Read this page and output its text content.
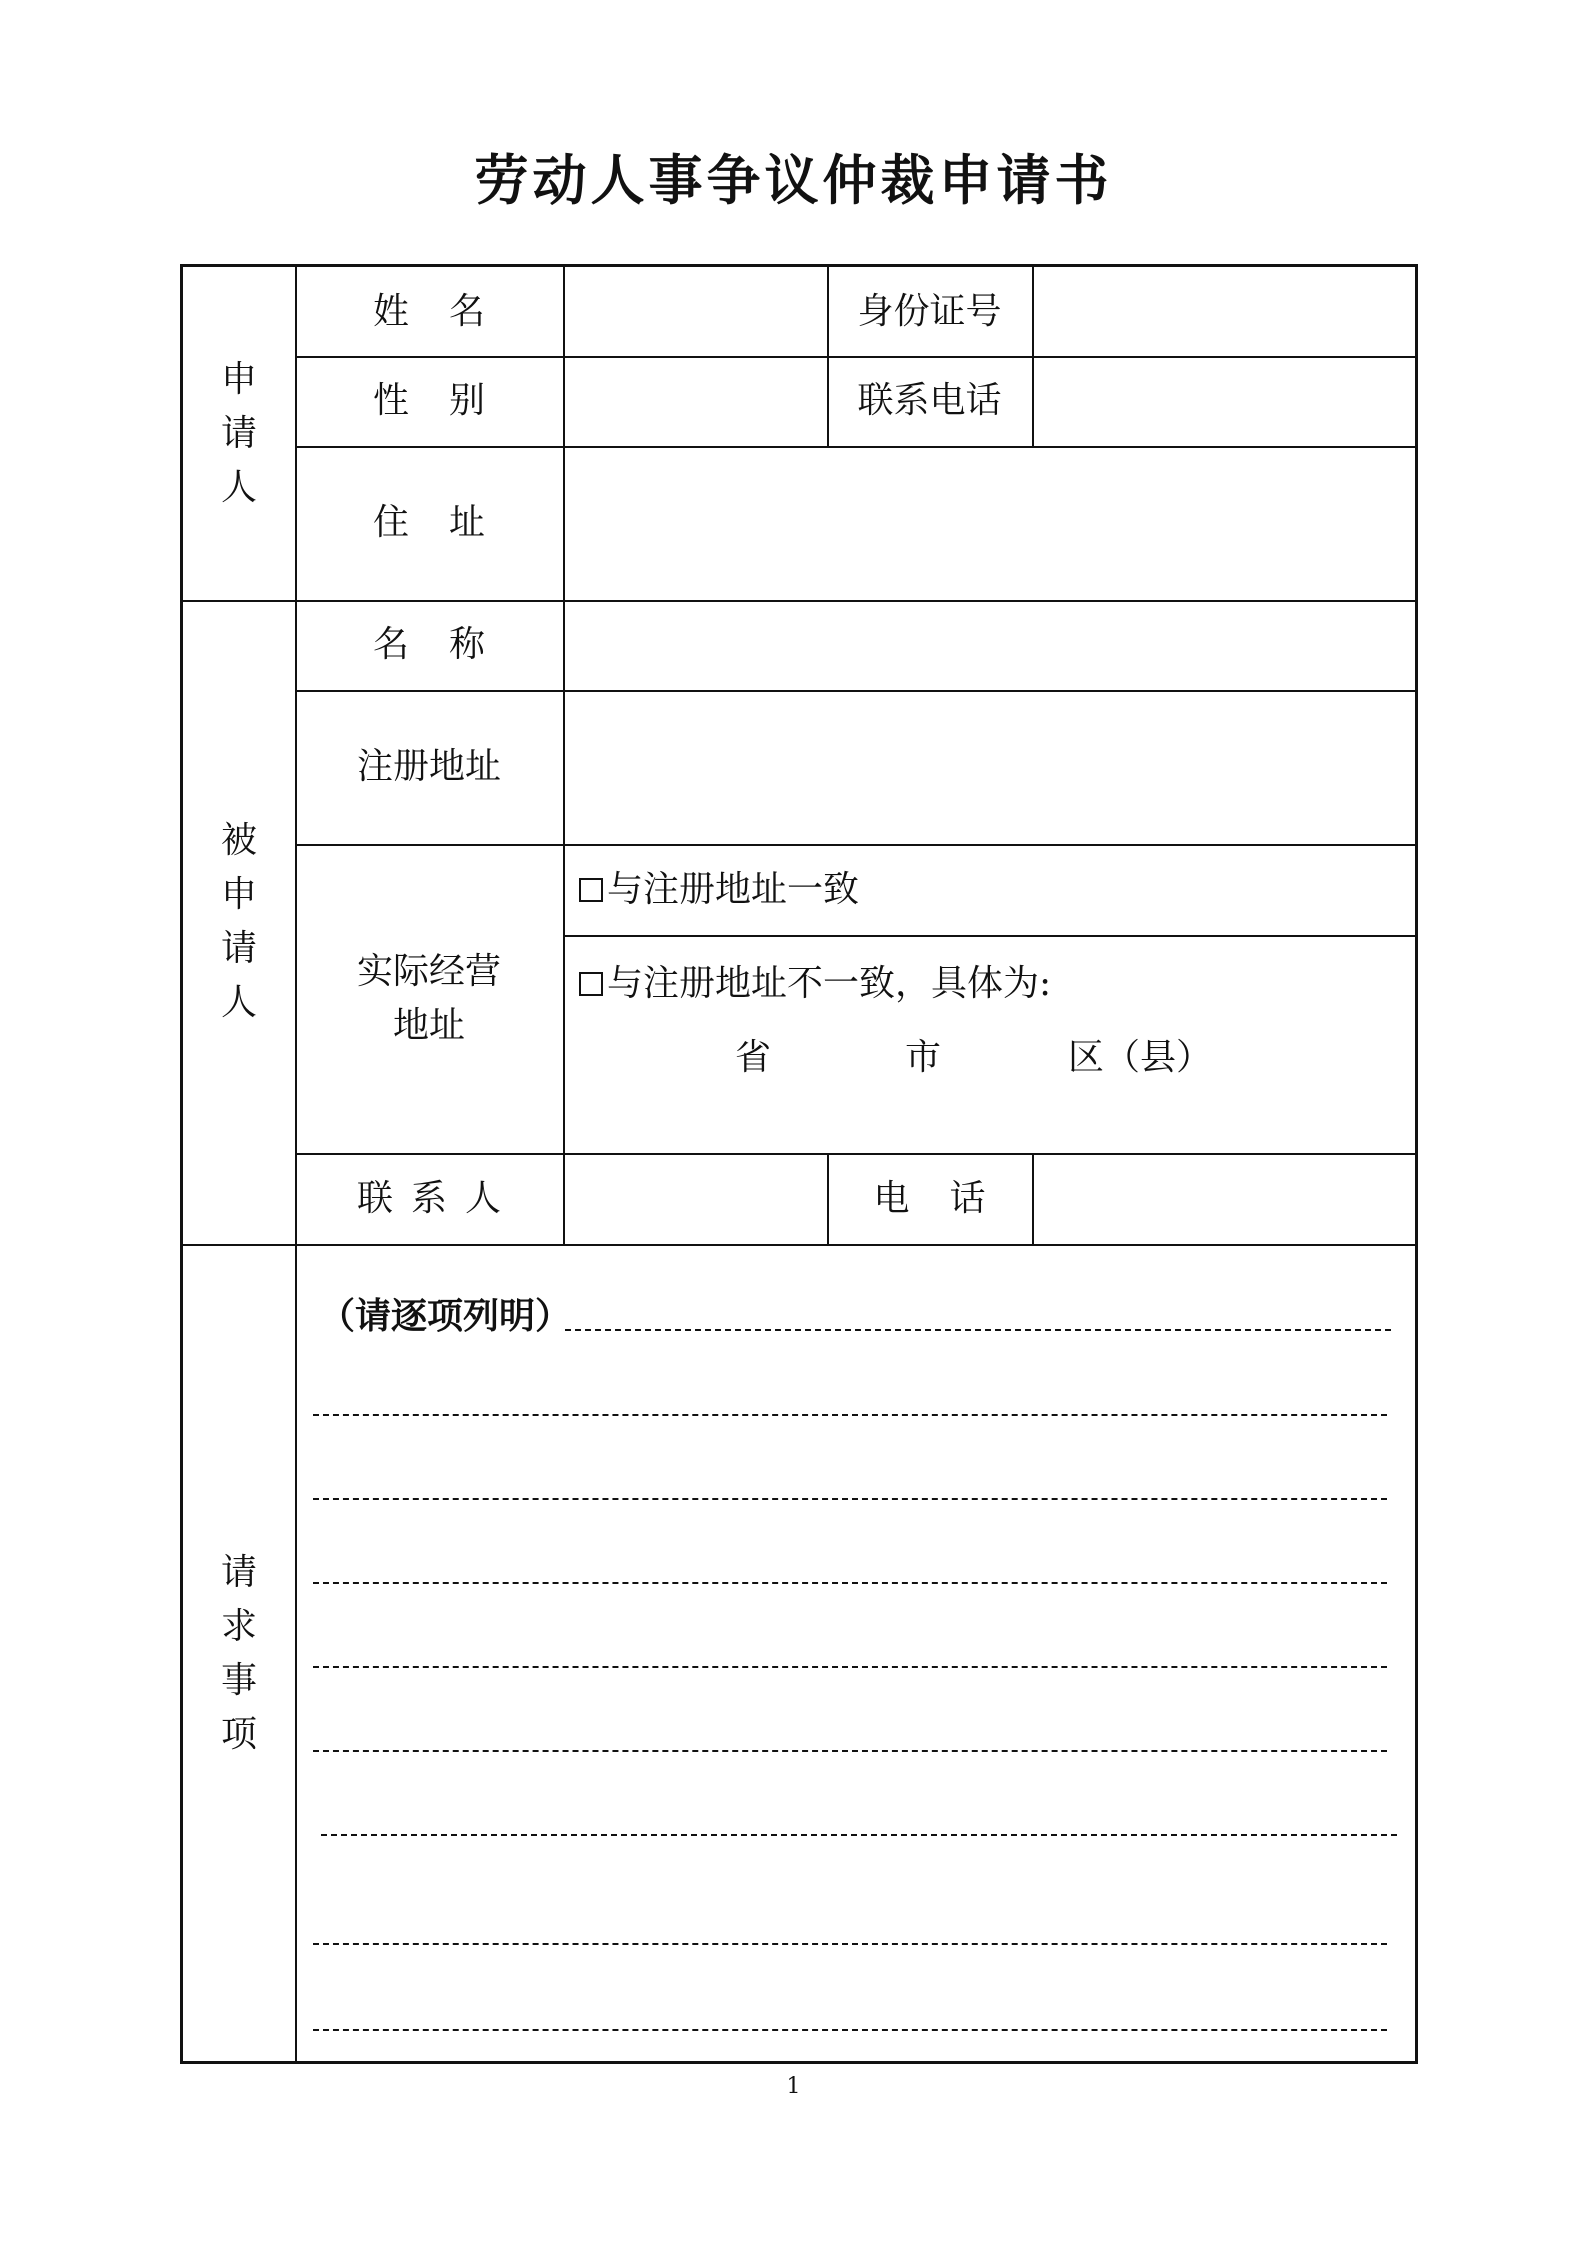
劳动人事争议仲裁申请书
申
请
人
姓名	身份证号
性别	联系电话
住址
被
申
请
人
名称
注册地址
实际经营
地址
与注册地址一致
与注册地址不一致，具体为:
省	市	区（县）
联系人	电话
请
求
事
项
（请逐项列明）
1
